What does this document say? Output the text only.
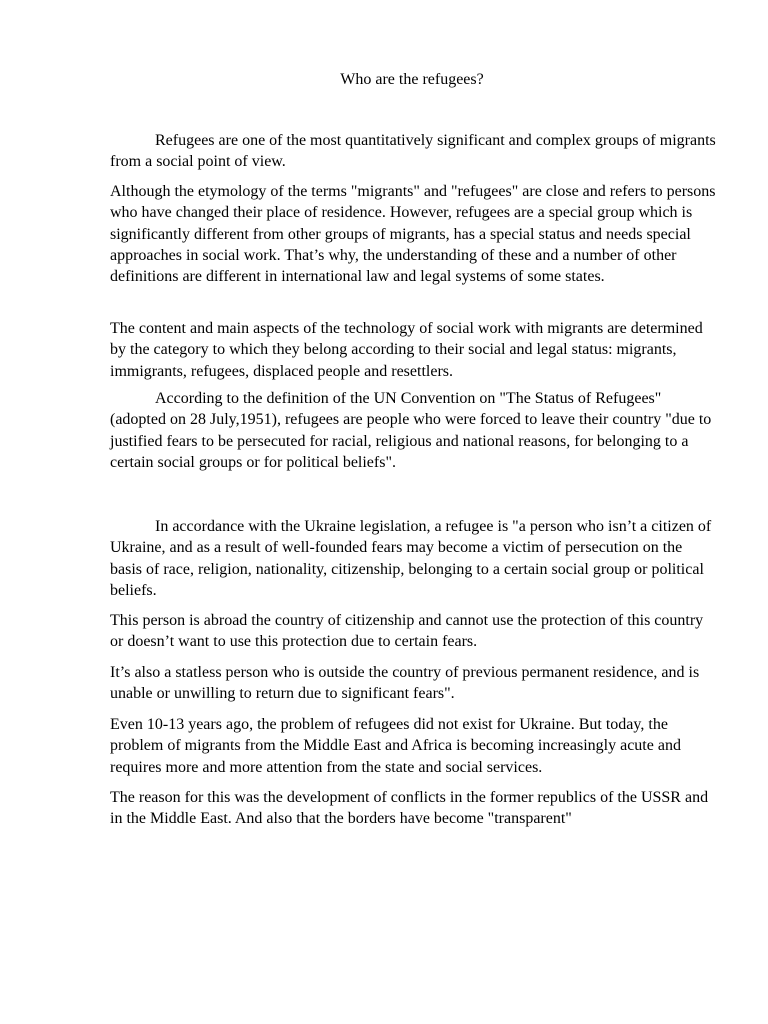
Who are the refugees?

Refugees are one of the most quantitatively significant and complex groups of migrants from a social point of view.

Although the etymology of the terms "migrants" and "refugees" are close and refers to persons who have changed their place of residence. However, refugees are a special group which is significantly different from other groups of migrants, has a special status and needs special approaches in social work. That’s why, the understanding of these and a number of other definitions are different in international law and legal systems of some states.

The content and main aspects of the technology of social work with migrants are determined by the category to which they belong according to their social and legal status: migrants, immigrants, refugees, displaced people and resettlers.

According to the definition of the UN Convention on "The Status of Refugees" (adopted on 28 July,1951), refugees are people who were forced to leave their country "due to justified fears to be persecuted for racial, religious and national reasons, for belonging to a certain social groups or for political beliefs".

In accordance with the Ukraine legislation, a refugee is "a person who isn’t a citizen of Ukraine, and as a result of well-founded fears may become a victim of persecution on the basis of race, religion, nationality, citizenship, belonging to a certain social group or political beliefs.

This person is abroad the country of citizenship and cannot use the protection of this country or doesn’t want to use this protection due to certain fears.

It’s also a statless person who is outside the country of previous permanent residence, and is unable or unwilling to return due to significant fears".

Even 10-13 years ago, the problem of refugees did not exist for Ukraine. But today, the problem of migrants from the Middle East and Africa is becoming increasingly acute and requires more and more attention from the state and social services.

The reason for this was the development of conflicts in the former republics of the USSR and in the Middle East. And also that the borders have become "transparent"
